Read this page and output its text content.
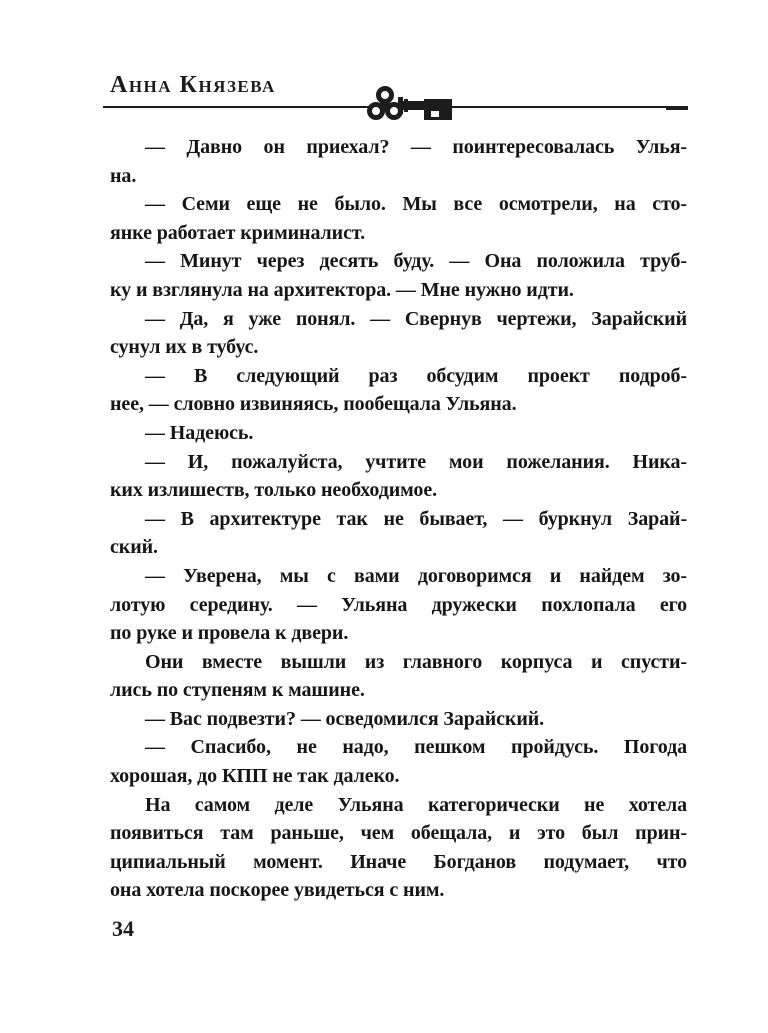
Анна Князева
— Давно он приехал? — поинтересовалась Улья-
на.
— Семи еще не было. Мы все осмотрели, на сто-
янке работает криминалист.
— Минут через десять буду. — Она положила труб-
ку и взглянула на архитектора. — Мне нужно идти.
— Да, я уже понял. — Свернув чертежи, Зарайский
сунул их в тубус.
— В следующий раз обсудим проект подроб-
нее, — словно извиняясь, пообещала Ульяна.
— Надеюсь.
— И, пожалуйста, учтите мои пожелания. Ника-
ких излишеств, только необходимое.
— В архитектуре так не бывает, — буркнул Зарай-
ский.
— Уверена, мы с вами договоримся и найдем зо-
лотую середину. — Ульяна дружески похлопала его
по руке и провела к двери.
Они вместе вышли из главного корпуса и спусти-
лись по ступеням к машине.
— Вас подвезти? — осведомился Зарайский.
— Спасибо, не надо, пешком пройдусь. Погода
хорошая, до КПП не так далеко.
На самом деле Ульяна категорически не хотела
появиться там раньше, чем обещала, и это был прин-
ципиальный момент. Иначе Богданов подумает, что
она хотела поскорее увидеться с ним.
34
